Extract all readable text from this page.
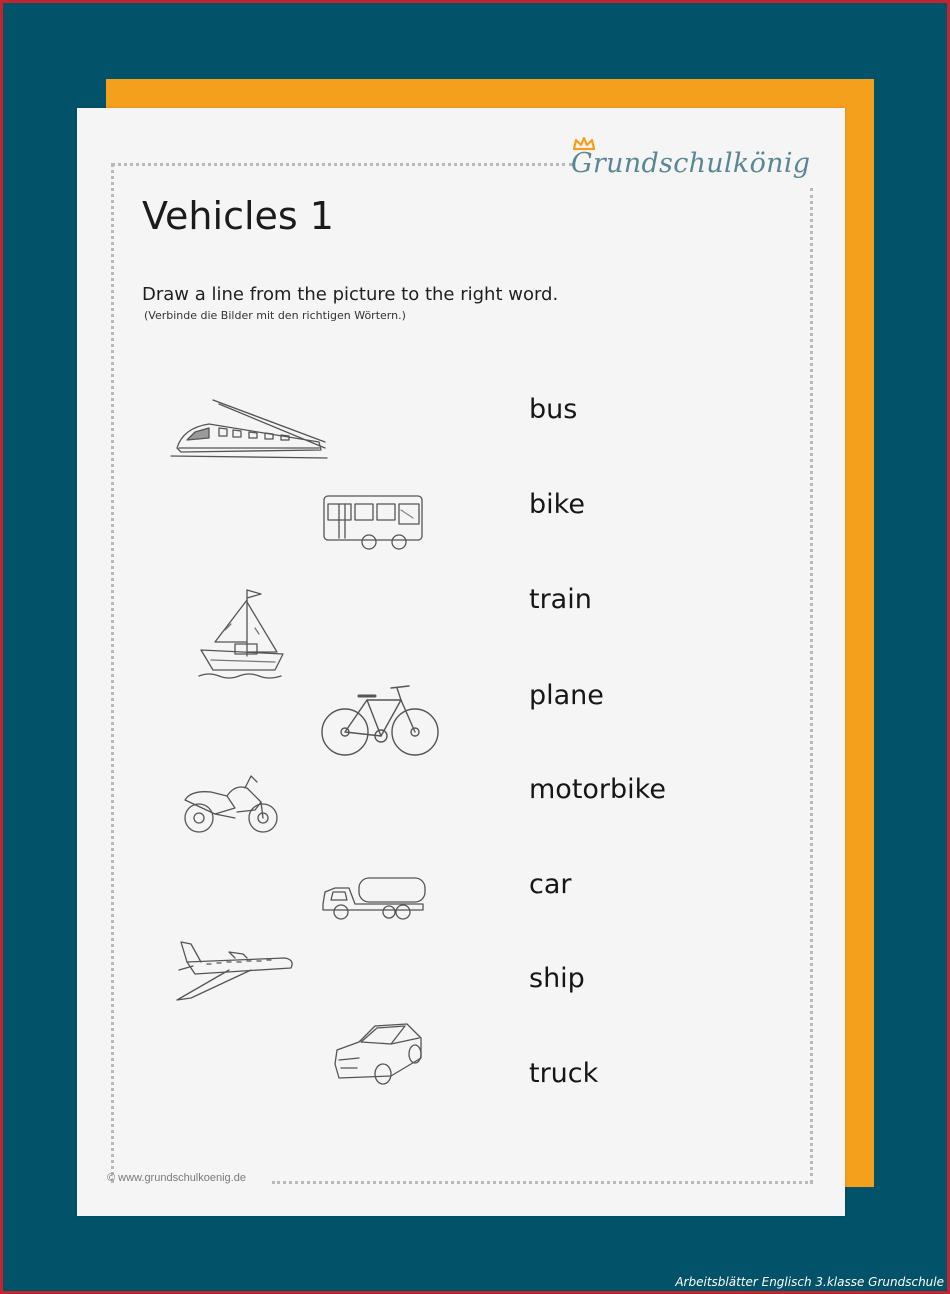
Grundschulkönig
Vehicles 1
Draw a line from the picture to the right word.
(Verbinde die Bilder mit den richtigen Wörtern.)
bus
bike
train
plane
motorbike
car
ship
truck
© www.grundschulkoenig.de
Arbeitsblätter Englisch 3.klasse Grundschule
